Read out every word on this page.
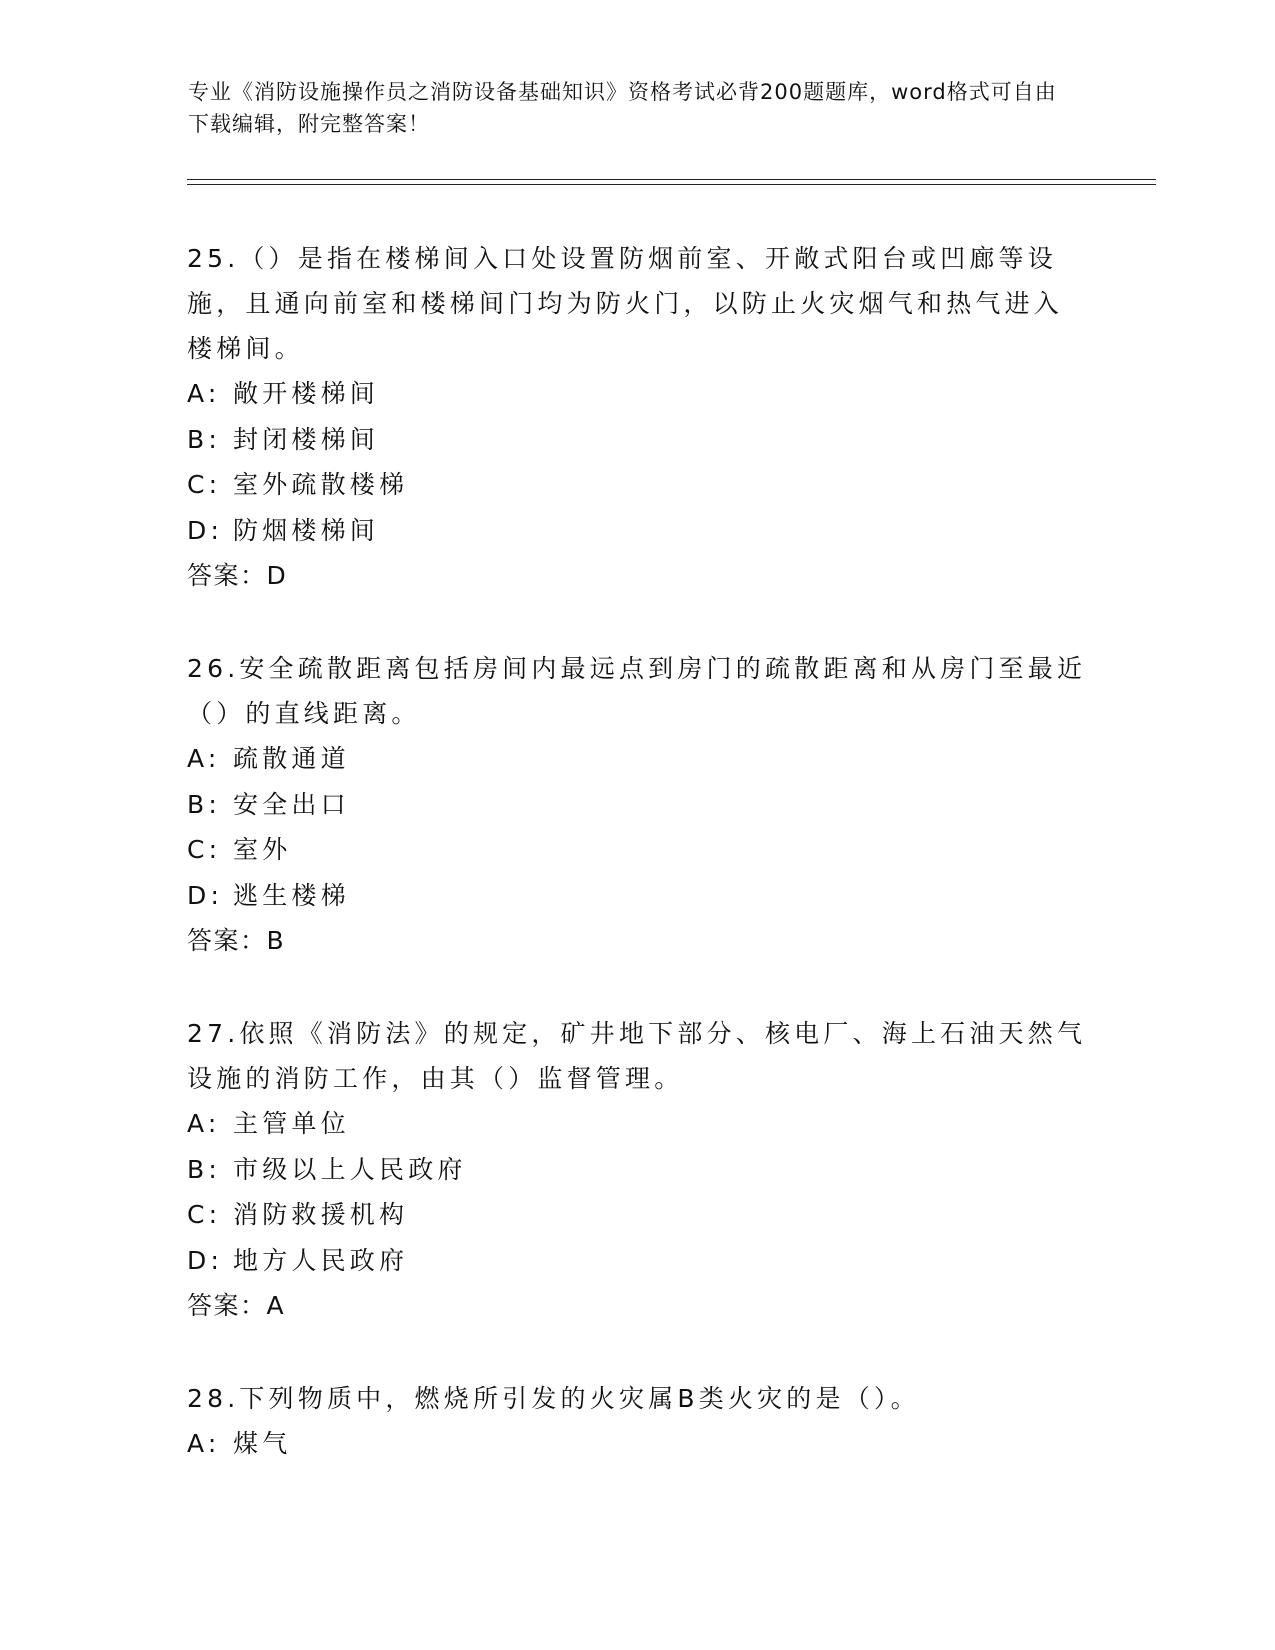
专业《消防设施操作员之消防设备基础知识》资格考试必背200题题库，word格式可自由下载编辑，附完整答案！

25.（）是指在楼梯间入口处设置防烟前室、开敞式阳台或凹廊等设施，且通向前室和楼梯间门均为防火门，以防止火灾烟气和热气进入楼梯间。

A: 敞开楼梯间

B: 封闭楼梯间

C: 室外疏散楼梯

D: 防烟楼梯间

答案：D

26.安全疏散距离包括房间内最远点到房门的疏散距离和从房门至最近（）的直线距离。

A: 疏散通道

B: 安全出口

C: 室外

D: 逃生楼梯

答案：B

27.依照《消防法》的规定，矿井地下部分、核电厂、海上石油天然气设施的消防工作，由其（）监督管理。

A: 主管单位

B: 市级以上人民政府

C: 消防救援机构

D: 地方人民政府

答案：A

28.下列物质中，燃烧所引发的火灾属B类火灾的是（）。

A: 煤气
